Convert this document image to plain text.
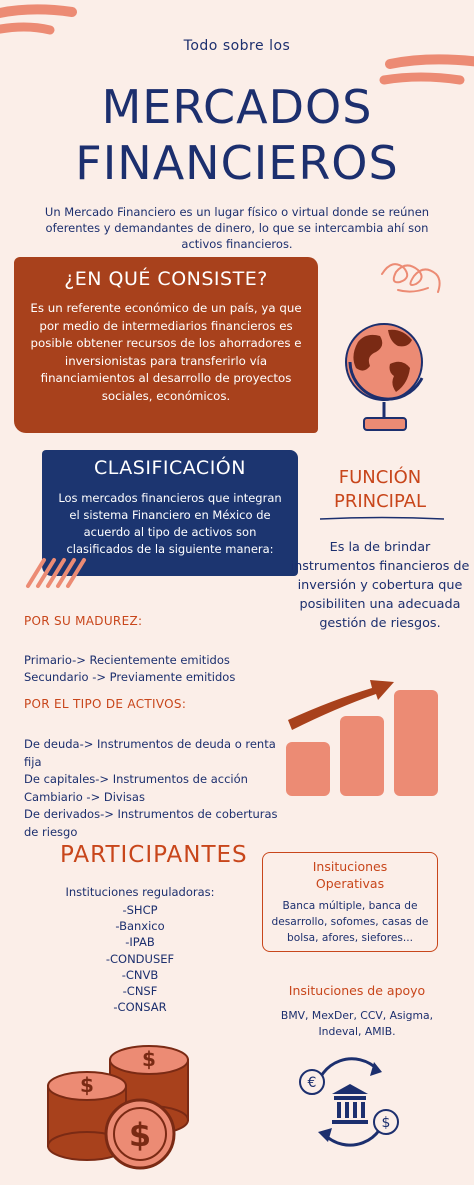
Todo sobre los
MERCADOS
FINANCIEROS
Un Mercado Financiero es un lugar físico o virtual donde se reúnen oferentes y demandantes de dinero, lo que se intercambia ahí son activos financieros.
¿EN QUÉ CONSISTE?
Es un referente económico de un país, ya que por medio de intermediarios financieros es posible obtener recursos de los ahorradores e inversionistas para transferirlo vía financiamientos al desarrollo de proyectos sociales, económicos.
CLASIFICACIÓN
Los mercados financieros que integran el sistema Financiero en México de acuerdo al tipo de activos son clasificados de la siguiente manera:
FUNCIÓN
PRINCIPAL
Es la de brindar instrumentos financieros de inversión y cobertura que posibiliten una adecuada gestión de riesgos.
POR SU MADUREZ:
Primario-> Recientemente emitidos
Secundario -> Previamente emitidos
POR EL TIPO DE ACTIVOS:
De deuda-> Instrumentos de deuda o renta fija
De capitales-> Instrumentos de acción
Cambiario -> Divisas
De derivados-> Instrumentos de coberturas de riesgo
PARTICIPANTES
Instituciones reguladoras:
-SHCP
-Banxico
-IPAB
-CONDUSEF
-CNVB
-CNSF
-CONSAR
Insituciones
Operativas
Banca múltiple, banca de desarrollo, sofomes, casas de bolsa, afores, siefores...
Insituciones de apoyo
BMV, MexDer, CCV, Asigma, Indeval, AMIB.
$
$
$
€
$
